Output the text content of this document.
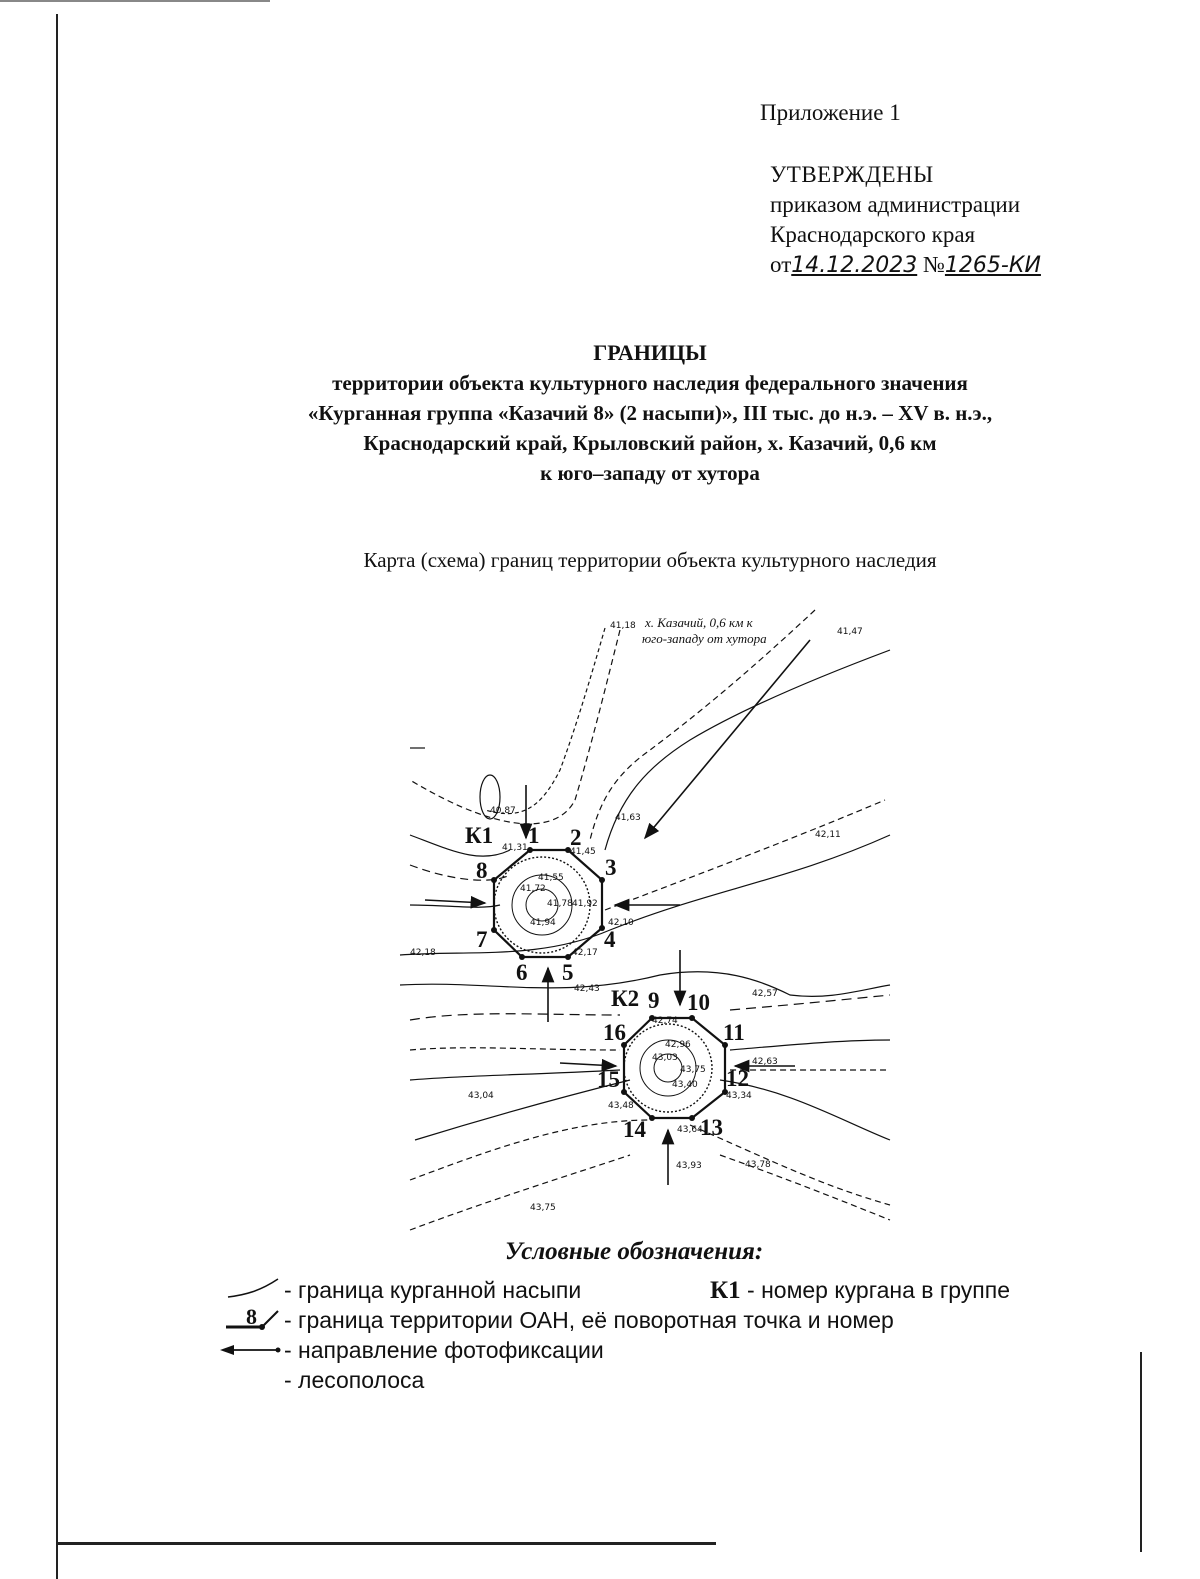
Приложение 1
УТВЕРЖДЕНЫ
приказом администрации
Краснодарского края
от14.12.2023 №1265-КИ
ГРАНИЦЫ
территории объекта культурного наследия федерального значения
«Курганная группа «Казачий 8» (2 насыпи)», III тыс. до н.э. – XV в. н.э.,
Краснодарский край, Крыловский район, х. Казачий, 0,6 км
к юго–западу от хутора
Карта (схема) границ территории объекта культурного наследия
х. Казачий, 0,6 км к
юго-западу от хутора
К1
К2
1 2
3
4
5
6
7
8
9 10
11
12
13
14
15
16
41,18
41,47
40,87
41,63
42,11
41,31	41,45
41,55
41,72
41,78 41,92
41,94	42,10
42,18	42,17
42,43	42,57
42,74
42,96
43,03
43,75
43,40
42,63
43,04
43,48
43,34
43,64
43,93	43,78
43,75
Условные обозначения:
- граница курганной насыпи	К1 - номер кургана в группе
8 - граница территории ОАН, её поворотная точка и номер
- направление фотофиксации
- лесополоса
